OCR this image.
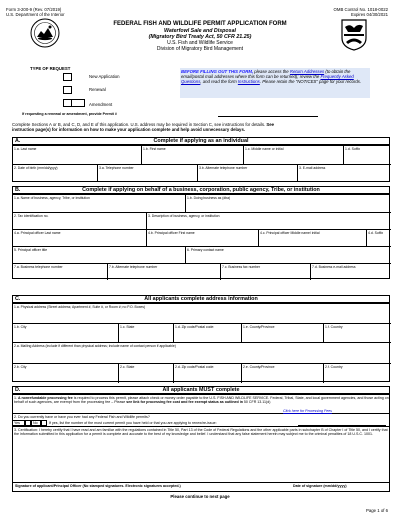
Form 3-200-9 (Rev. 07/2019)
U.S. Department of the Interior
OMB Control No. 1018-0022
Expires 04/30/2021
FEDERAL FISH AND WILDLIFE PERMIT APPLICATION FORM
Waterfowl Sale and Disposal
(Migratory Bird Treaty Act, 50 CFR 21.25)
U.S. Fish and Wildlife Service
Division of Migratory Bird Management
TYPE OF REQUEST
New Application
Renewal
Amendment
If requesting a renewal or amendment, provide Permit #
BEFORE FILLING OUT THIS FORM, please access the Return Addresses (to obtain the email/postal mail addresses where this form can be returned); review the Frequently Asked Questions, and read the form Instructions. Please retain the "NOTICES" page for your records.
Complete Sections A or B, and C, D, and E of this application. U.S. address may be required in Section C, see instructions for details. See
instruction page(s) for information on how to make your application complete and help avoid unnecessary delays.
A.	Complete if applying as an individual
1.a. Last name	1.b. First name	1.c. Middle name or initial	1.d. Suffix
2. Date of birth (mm/dd/yyyy)	3.a. Telephone number	3.b. Alternate telephone number	3. E-mail address
B.	Complete if applying on behalf of a business, corporation, public agency, Tribe, or institution
1.a. Name of business, agency, Tribe, or institution	1.b. Doing business as (dba)
2. Tax identification no.	3. Description of business, agency, or institution
4.a. Principal officer Last name	4.b. Principal officer First name	4.c. Principal officer Middle name/ initial	4.d. Suffix
5. Principal officer title	6. Primary contact name
7.a. Business telephone number	7.b. Alternate telephone number	7.c. Business fax number	7.d. Business e-mail address
C.	All applicants complete address information
1.a. Physical address (Street address; Apartment #, Suite #, or Room #; no P.O. Boxes)
1.b. City	1.c. State	1.d. Zip code/Postal code:	1.e. County/Province	1.f. Country
2.a. Mailing Address (include if different than physical address; include name of contact person if applicable)
2.b. City	2.c. State	2.d. Zip code/Postal code:	2.e. County/Province	2.f. Country
D.	All applicants MUST complete
1. A nonrefundable processing fee is required to process this permit, please attach check or money order payable to the U.S. FISH AND WILDLIFE SERVICE. Federal, Tribal, State, and local government agencies, and those acting on behalf of such agencies, are exempt from the processing fee – Please see link for processing fee cost and fee exempt status as outlined in 50 CFR 13.11(d)
Click here for Processing Fees
2. Do you currently have or have you ever had any Federal Fish and Wildlife permits?
Yes	No	If yes, list the number of the most current permit you have held or that you are applying to renew/re-issue:
3. Certification: I hereby certify that I have read and am familiar with the regulations contained in Title 50, Part 13 of the Code of Federal Regulations and the other applicable parts in subchapter B of Chapter I of Title 50, and I certify that the information submitted in this application for a permit is complete and accurate to the best of my knowledge and belief. I understand that any false statement herein may subject me to the criminal penalties of 18 U.S.C. 1001.
Signature of applicant/Principal Officer (No stamped signatures. Electronic signatures accepted.)	Date of signature (mm/dd/yyyy)
Please continue to next page
Page 1 of 6
